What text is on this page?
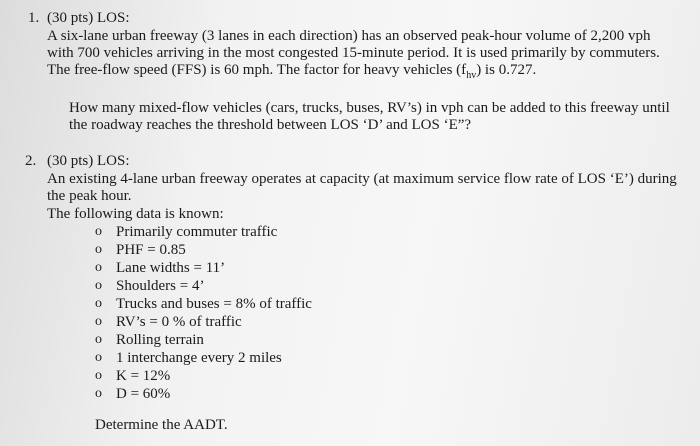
1. (30 pts) LOS:
A six-lane urban freeway (3 lanes in each direction) has an observed peak-hour volume of 2,200 vph
with 700 vehicles arriving in the most congested 15-minute period. It is used primarily by commuters.
The free-flow speed (FFS) is 60 mph. The factor for heavy vehicles $(f_{hv})$ is 0.727.
How many mixed-flow vehicles (cars, trucks, buses, RV’s) in vph can be added to this freeway until
the roadway reaches the threshold between LOS ‘D’ and LOS ‘E”?
2. (30 pts) LOS:
An existing 4-lane urban freeway operates at capacity (at maximum service flow rate of LOS ‘E’) during
the peak hour.
The following data is known:
o Primarily commuter traffic
o PHF = 0.85
o Lane widths = 11’
o Shoulders = 4’
o Trucks and buses = 8% of traffic
o RV’s = 0 % of traffic
o Rolling terrain
o 1 interchange every 2 miles
o K = 12%
o D = 60%
Determine the AADT.
